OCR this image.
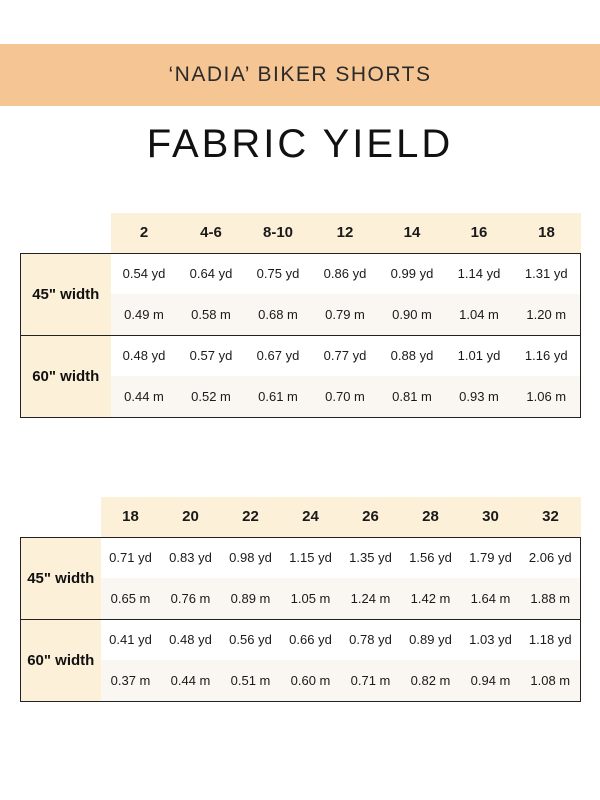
‘NADIA’ BIKER SHORTS
FABRIC YIELD
	2	4-6	8-10	12	14	16	18
45" width	0.54 yd	0.64 yd	0.75 yd	0.86 yd	0.99 yd	1.14 yd	1.31 yd
	0.49 m	0.58 m	0.68 m	0.79 m	0.90 m	1.04 m	1.20 m
60" width	0.48 yd	0.57 yd	0.67 yd	0.77 yd	0.88 yd	1.01 yd	1.16 yd
	0.44 m	0.52 m	0.61 m	0.70 m	0.81 m	0.93 m	1.06 m
	18	20	22	24	26	28	30	32
45" width	0.71 yd	0.83 yd	0.98 yd	1.15 yd	1.35 yd	1.56 yd	1.79 yd	2.06 yd
	0.65 m	0.76 m	0.89 m	1.05 m	1.24 m	1.42 m	1.64 m	1.88 m
60" width	0.41 yd	0.48 yd	0.56 yd	0.66 yd	0.78 yd	0.89 yd	1.03 yd	1.18 yd
	0.37 m	0.44 m	0.51 m	0.60 m	0.71 m	0.82 m	0.94 m	1.08 m
